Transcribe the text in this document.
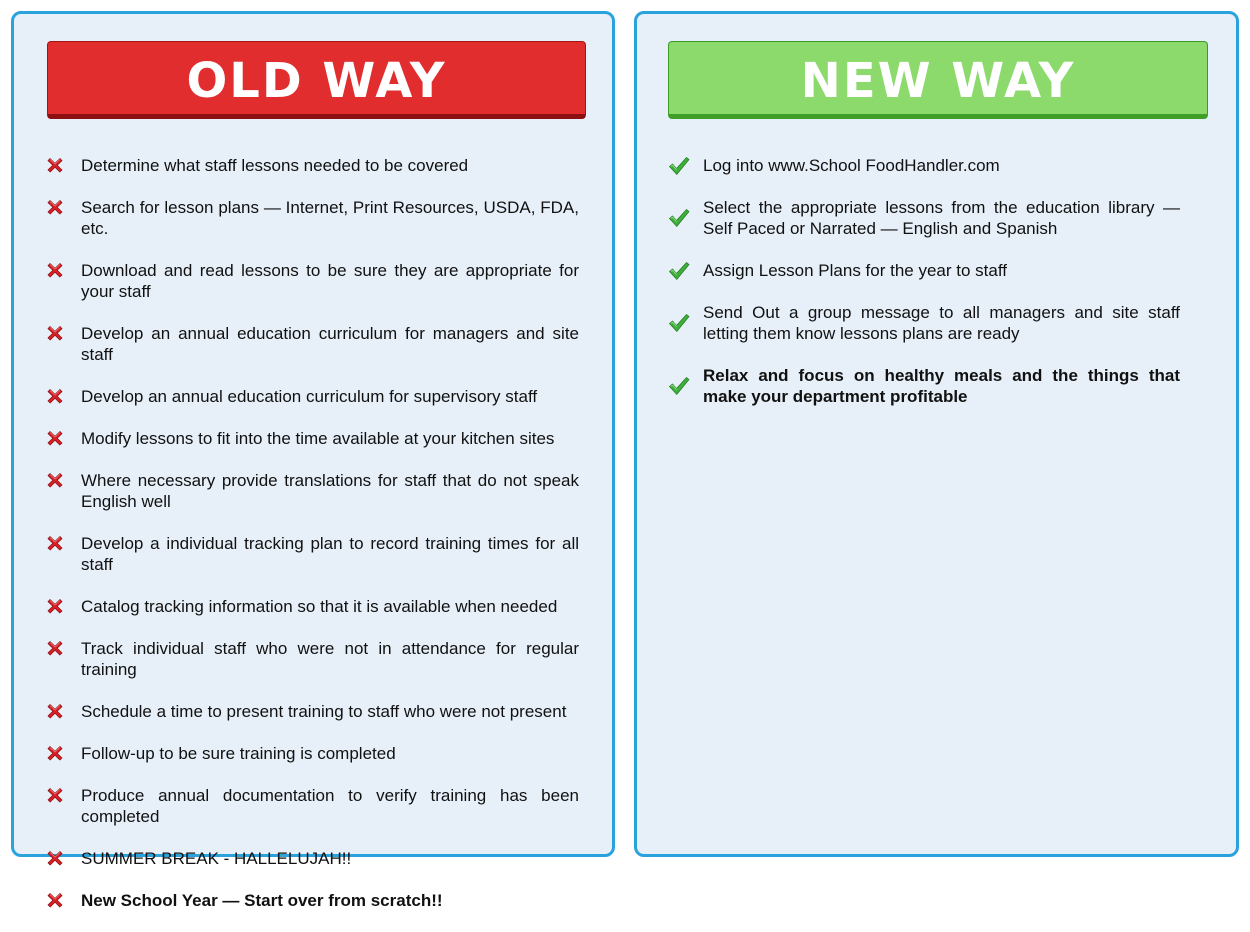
OLD WAY
Determine what staff lessons needed to be covered
Search for lesson plans — Internet, Print Resources, USDA, FDA, etc.
Download and read lessons to be sure they are appropriate for your staff
Develop an annual education curriculum for managers and site staff
Develop an annual education curriculum for supervisory staff
Modify lessons to fit into the time available at your kitchen sites
Where necessary provide translations for staff that do not speak English well
Develop a individual tracking plan to record training times for all staff
Catalog tracking information so that it is available when needed
Track individual staff who were not in attendance for regular training
Schedule a time to present training to staff who were not present
Follow-up to be sure training is completed
Produce annual documentation to verify training has been completed
SUMMER BREAK - HALLELUJAH!!
New School Year — Start over from scratch!!
NEW WAY
Log into www.School FoodHandler.com
Select the appropriate lessons from the education library — Self Paced or Narrated — English and Spanish
Assign Lesson Plans for the year to staff
Send Out a group message to all managers and site staff letting them know lessons plans are ready
Relax and focus on healthy meals and the things that make your department profitable
